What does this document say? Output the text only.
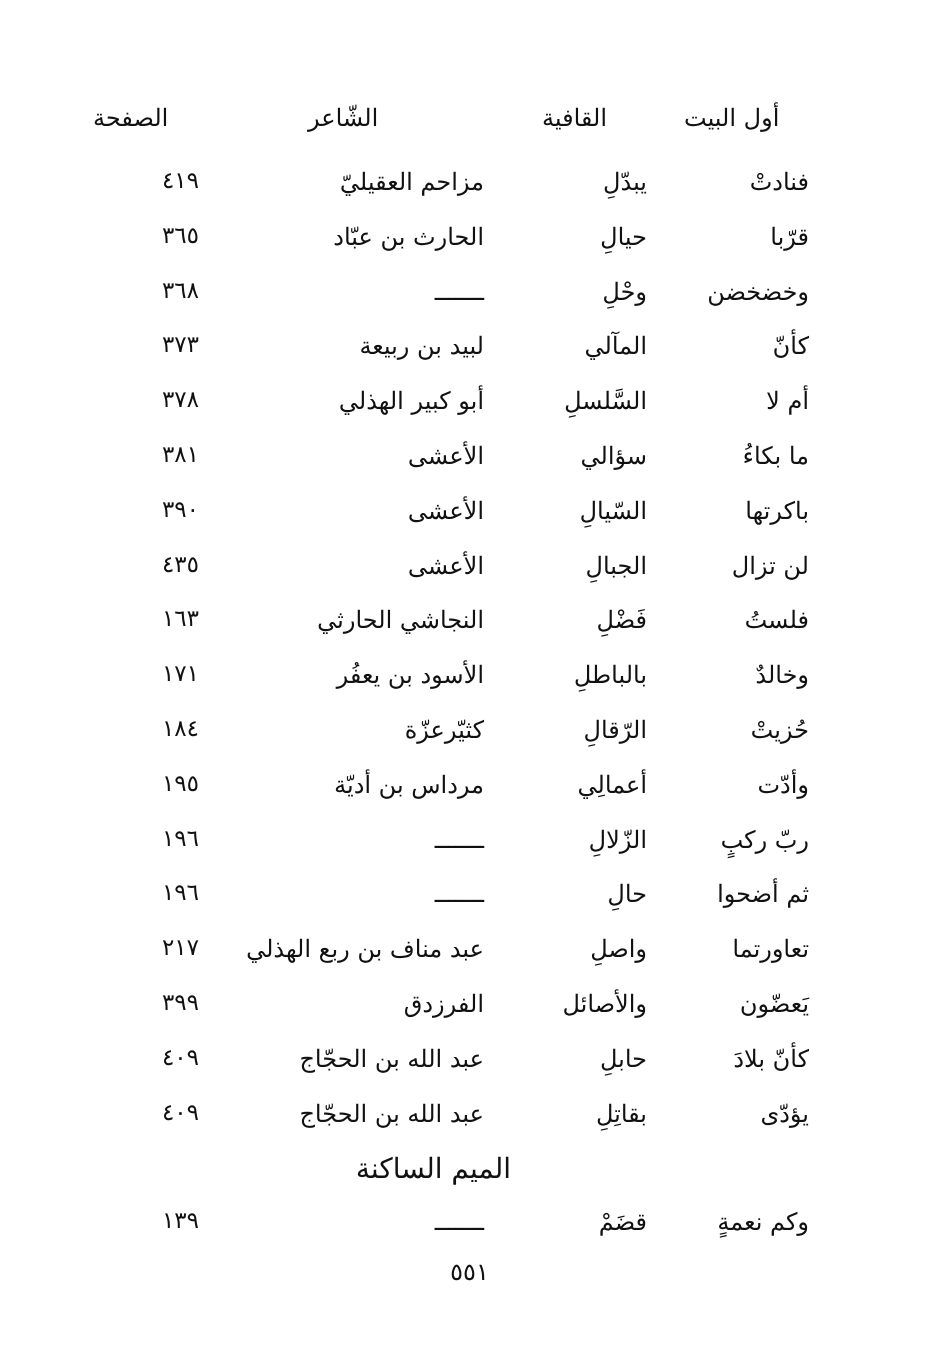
أول البيت
القافية
الشّاعر
الصفحة
فنادتْ
يبدّلِ
مزاحم العقيليّ
٤١٩
قرّبا
حيالِ
الحارث بن عبّاد
٣٦٥
وخضخضن
وحْلِ
ـــــــ
٣٦٨
كأنّ
المآلي
لبيد بن ربيعة
٣٧٣
أم لا
السَّلسلِ
أبو كبير الهذلي
٣٧٨
ما بكاءُ
سؤالي
الأعشى
٣٨١
باكرتها
السّيالِ
الأعشى
٣٩٠
لن تزال
الجبالِ
الأعشى
٤٣٥
فلستُ
فَضْلِ
النجاشي الحارثي
١٦٣
وخالدٌ
بالباطلِ
الأسود بن يعفُر
١٧١
حُزيتْ
الرّقالِ
كثيّرعزّة
١٨٤
وأدّت
أعمالِي
مرداس بن أديّة
١٩٥
ربّ ركبٍ
الزّلالِ
ـــــــ
١٩٦
ثم أضحوا
حالِ
ـــــــ
١٩٦
تعاورتما
واصلِ
عبد مناف بن ربع الهذلي
٢١٧
يَعضّون
والأصائل
الفرزدق
٣٩٩
كأنّ بلادَ
حابلِ
عبد الله بن الحجّاج
٤٠٩
يؤدّى
بقاتِلِ
عبد الله بن الحجّاج
٤٠٩
الميم الساكنة
وكم نعمةٍ
قضَمْ
ـــــــ
١٣٩
٥٥١
